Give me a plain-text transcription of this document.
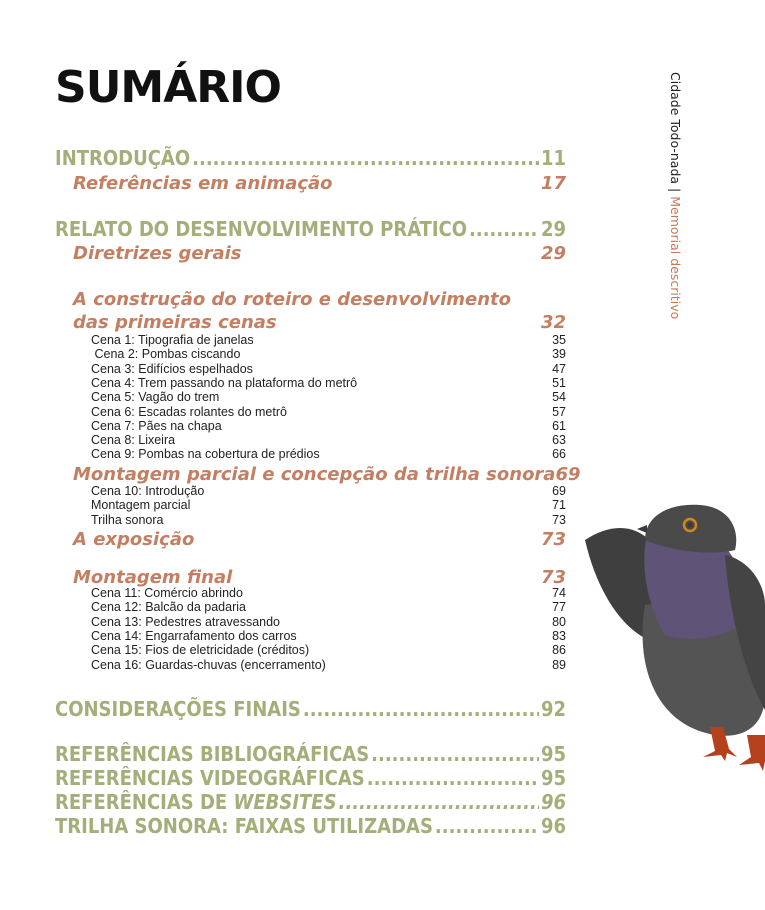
SUMÁRIO	Cidade Todo-nada | Memorial descritivo
INTRODUÇÃO .....	11
Referências em animação	17
RELATO DO DESENVOLVIMENTO PRÁTICO .....	29
Diretrizes gerais	29
A construção do roteiro e desenvolvimento
das primeiras cenas	32
Cena 1: Tipografia de janelas	35
Cena 2: Pombas ciscando	39
Cena 3: Edifícios espelhados	47
Cena 4: Trem passando na plataforma do metrô	51
Cena 5: Vagão do trem	54
Cena 6: Escadas rolantes do metrô	57
Cena 7: Pães na chapa	61
Cena 8: Lixeira	63
Cena 9: Pombas na cobertura de prédios	66
Montagem parcial e concepção da trilha sonora 69
Cena 10: Introdução	69
Montagem parcial	71
Trilha sonora	73
A exposição	73
Montagem final	73
Cena 11: Comércio abrindo	74
Cena 12: Balcão da padaria	77
Cena 13: Pedestres atravessando	80
Cena 14: Engarrafamento dos carros	83
Cena 15: Fios de eletricidade (créditos)	86
Cena 16: Guardas-chuvas (encerramento)	89
CONSIDERAÇÕES FINAIS .....	92
REFERÊNCIAS BIBLIOGRÁFICAS .....	95
REFERÊNCIAS VIDEOGRÁFICAS .....	95
REFERÊNCIAS DE
WEBSITES .....	96
TRILHA SONORA: FAIXAS UTILIZADAS .....	96
